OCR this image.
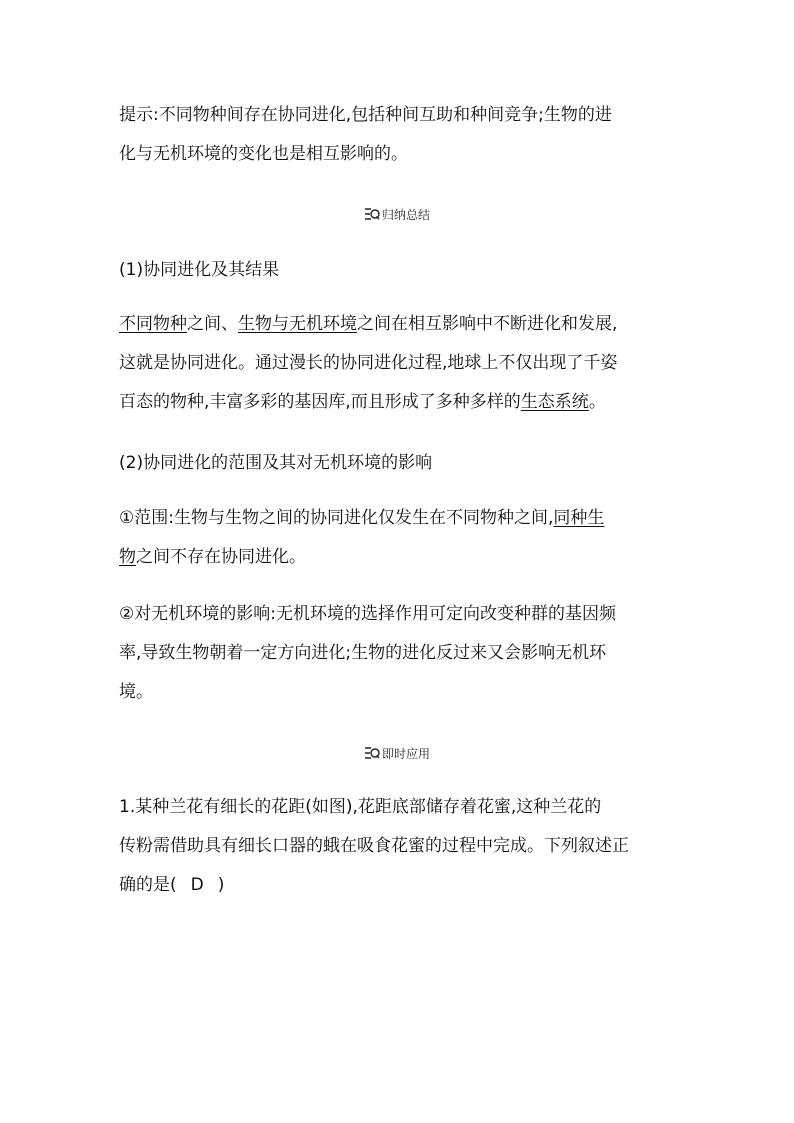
提示:不同物种间存在协同进化,包括种间互助和种间竞争;生物的进
化与无机环境的变化也是相互影响的。
归纳总结

(1)协同进化及其结果

不同物种之间、生物与无机环境之间在相互影响中不断进化和发展,
这就是协同进化。通过漫长的协同进化过程,地球上不仅出现了千姿
百态的物种,丰富多彩的基因库,而且形成了多种多样的生态系统。

(2)协同进化的范围及其对无机环境的影响

①范围:生物与生物之间的协同进化仅发生在不同物种之间,同种生
物之间不存在协同进化。
②对无机环境的影响:无机环境的选择作用可定向改变种群的基因频
率,导致生物朝着一定方向进化;生物的进化反过来又会影响无机环
境。
即时应用
1.某种兰花有细长的花距(如图),花距底部储存着花蜜,这种兰花的
传粉需借助具有细长口器的蛾在吸食花蜜的过程中完成。下列叙述正
确的是( D )
